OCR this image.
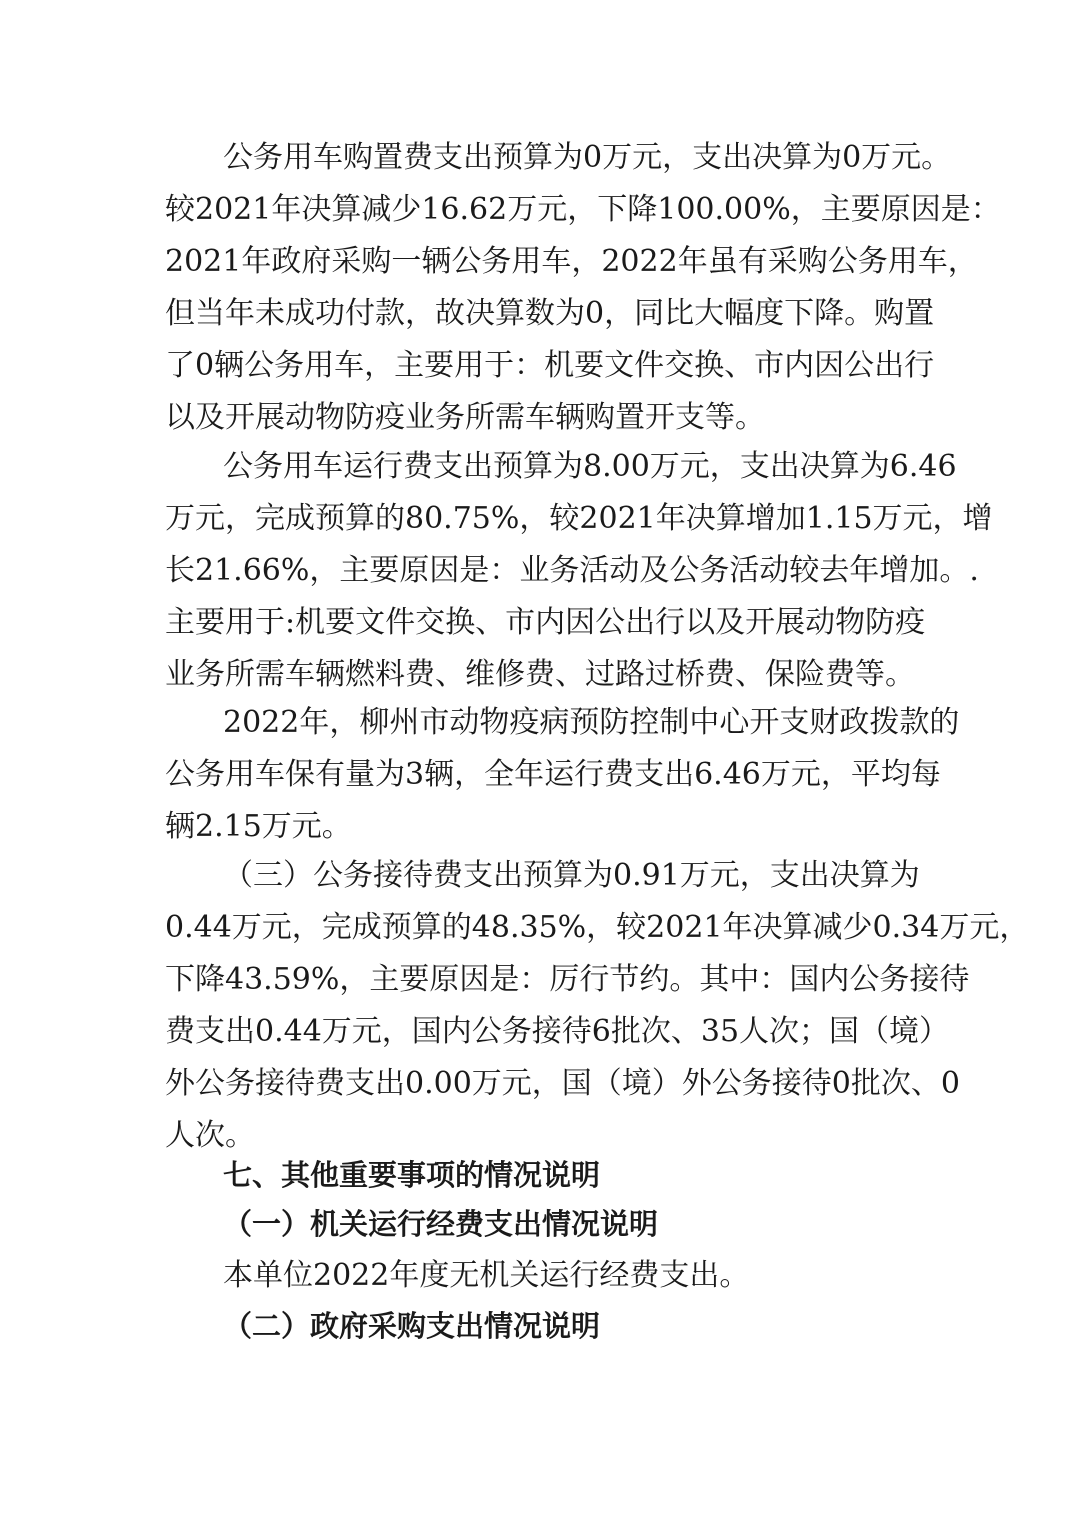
公务用车购置费支出预算为0万元，支出决算为0万元。

较2021年决算减少16.62万元，下降100.00%，主要原因是：

2021年政府采购一辆公务用车，2022年虽有采购公务用车，

但当年未成功付款，故决算数为0，同比大幅度下降。购置

了0辆公务用车，主要用于：机要文件交换、市内因公出行

以及开展动物防疫业务所需车辆购置开支等。

公务用车运行费支出预算为8.00万元，支出决算为6.46

万元，完成预算的80.75%，较2021年决算增加1.15万元，增

长21.66%，主要原因是：业务活动及公务活动较去年增加。.

主要用于:机要文件交换、市内因公出行以及开展动物防疫

业务所需车辆燃料费、维修费、过路过桥费、保险费等。

2022年，柳州市动物疫病预防控制中心开支财政拨款的

公务用车保有量为3辆，全年运行费支出6.46万元，平均每

辆2.15万元。

（三）公务接待费支出预算为0.91万元，支出决算为

0.44万元，完成预算的48.35%，较2021年决算减少0.34万元，

下降43.59%，主要原因是：厉行节约。其中：国内公务接待

费支出0.44万元，国内公务接待6批次、35人次；国（境）

外公务接待费支出0.00万元，国（境）外公务接待0批次、0

人次。

七、其他重要事项的情况说明

（一）机关运行经费支出情况说明

本单位2022年度无机关运行经费支出。

（二）政府采购支出情况说明
